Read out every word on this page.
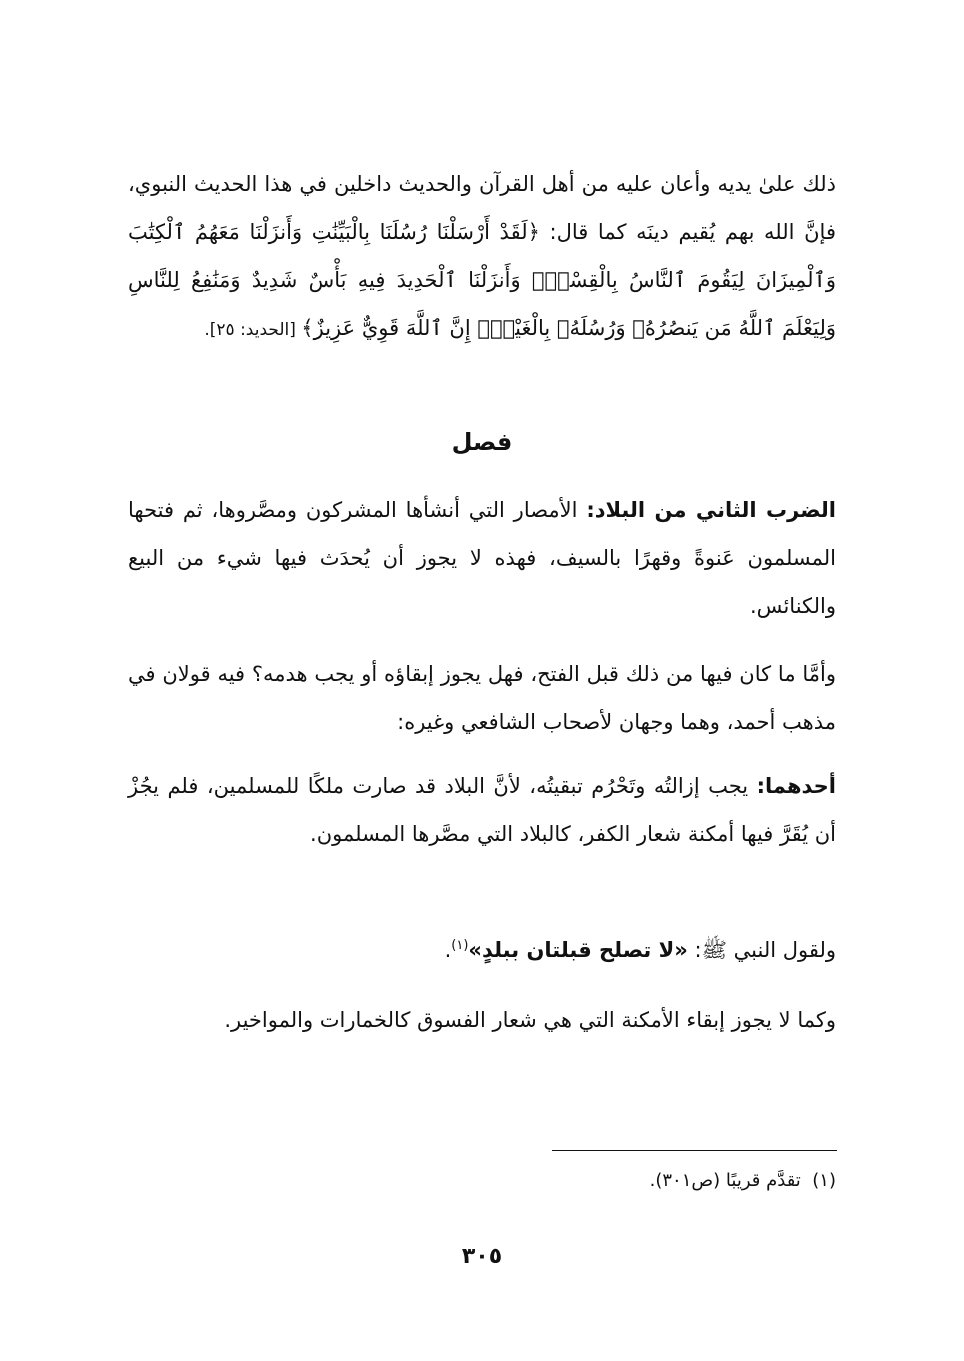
ذلك علىٰ يديه وأعان عليه من أهل القرآن والحديث داخلين في هذا الحديث النبوي، فإنَّ الله بهم يُقيم دينَه كما قال: ﴿لَقَدْ أَرْسَلْنَا رُسُلَنَا بِالْبَيِّنَٰتِ وَأَنزَلْنَا مَعَهُمُ ٱلْكِتَٰبَ وَٱلْمِيزَانَ لِيَقُومَ ٱلنَّاسُ بِالْقِسْطِۖ وَأَنزَلْنَا ٱلْحَدِيدَ فِيهِ بَأْسٌ شَدِيدٌ وَمَنَٰفِعُ لِلنَّاسِ وَلِيَعْلَمَ ٱللَّهُ مَن يَنصُرُهُۥ وَرُسُلَهُۥ بِالْغَيْبِۚ إِنَّ ٱللَّهَ قَوِيٌّ عَزِيزٌ﴾ [الحديد: ٢٥].

فصل

الضرب الثاني من البلاد: الأمصار التي أنشأها المشركون ومصَّروها، ثم فتحها المسلمون عَنوةً وقهرًا بالسيف، فهذه لا يجوز أن يُحدَث فيها شيء من البيع والكنائس.

وأمَّا ما كان فيها من ذلك قبل الفتح، فهل يجوز إبقاؤه أو يجب هدمه؟ فيه قولان في مذهب أحمد، وهما وجهان لأصحاب الشافعي وغيره:

أحدهما: يجب إزالتُه وتَحْرُم تبقيتُه، لأنَّ البلاد قد صارت ملكًا للمسلمين، فلم يجُزْ أن يُقَرَّ فيها أمكنة شعار الكفر، كالبلاد التي مصَّرها المسلمون.

ولقول النبي ﷺ: «لا تصلح قبلتان ببلدٍ»$^{(١)}$.

وكما لا يجوز إبقاء الأمكنة التي هي شعار الفسوق كالخمارات والمواخير.

(١)  تقدَّم قريبًا (ص٣٠١).

٣٠٥
